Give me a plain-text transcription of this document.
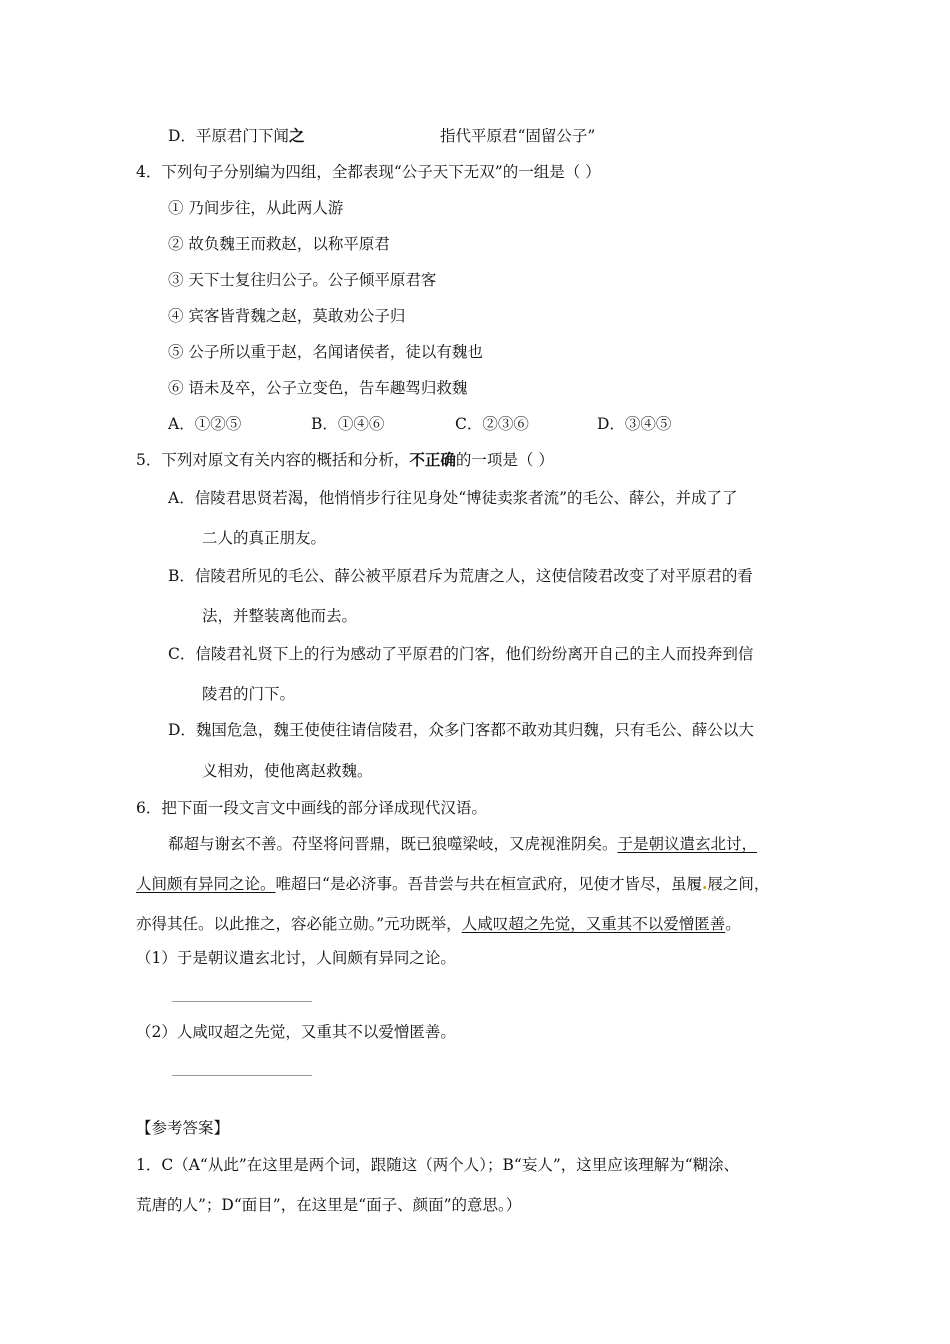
D．平原君门下闻之	指代平原君“固留公子”
4．下列句子分别编为四组，全都表现“公子天下无双”的一组是（ ）
① 乃间步往，从此两人游
② 故负魏王而救赵，以称平原君
③ 天下士复往归公子。公子倾平原君客
④ 宾客皆背魏之赵，莫敢劝公子归
⑤ 公子所以重于赵，名闻诸侯者，徒以有魏也
⑥ 语未及卒，公子立变色，告车趣驾归救魏
A．①②⑤	B．①④⑥	C．②③⑥	D．③④⑤
5．下列对原文有关内容的概括和分析，不正确的一项是（ ）
A．信陵君思贤若渴，他悄悄步行往见身处“博徒卖浆者流”的毛公、薛公，并成了了
二人的真正朋友。
B．信陵君所见的毛公、薛公被平原君斥为荒唐之人，这使信陵君改变了对平原君的看
法，并整装离他而去。
C．信陵君礼贤下上的行为感动了平原君的门客，他们纷纷离开自己的主人而投奔到信
陵君的门下。
D．魏国危急，魏王使使往请信陵君，众多门客都不敢劝其归魏，只有毛公、薛公以大
义相劝，使他离赵救魏。
6．把下面一段文言文中画线的部分译成现代汉语。
郗超与谢玄不善。苻坚将问晋鼎，既已狼噬梁岐，又虎视淮阴矣。于是朝议遣玄北讨，
人间颇有异同之论。唯超曰“是必济事。吾昔尝与共在桓宣武府，见使才皆尽，虽履.屐之间，
亦得其任。以此推之，容必能立勋。”元功既举，人咸叹超之先觉，又重其不以爱憎匿善。
（1）于是朝议遣玄北讨，人间颇有异同之论。
（2）人咸叹超之先觉，又重其不以爱憎匿善。
【参考答案】
1．C（A“从此”在这里是两个词，跟随这（两个人）；B“妄人”，这里应该理解为“糊涂、
荒唐的人”；D“面目”，在这里是“面子、颜面”的意思。）
